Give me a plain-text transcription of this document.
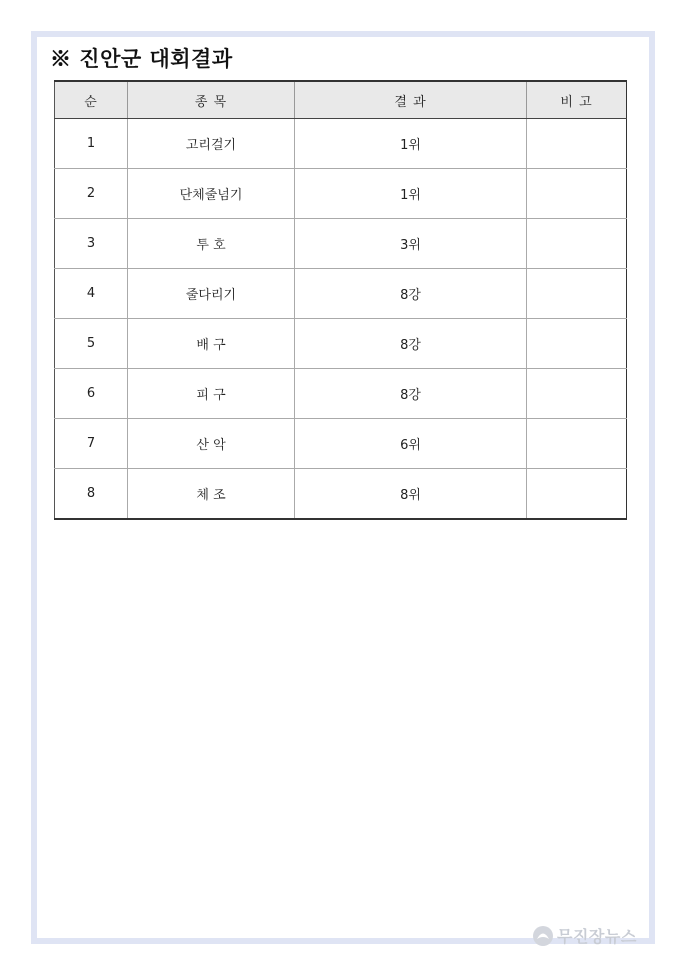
※ 진안군 대회결과
순	종 목	결 과	비 고
1	고리걸기	1위	
2	단체줄넘기	1위	
3	투 호	3위	
4	줄다리기	8강	
5	배 구	8강	
6	피 구	8강	
7	산 악	6위	
8	체 조	8위	
무진장뉴스
